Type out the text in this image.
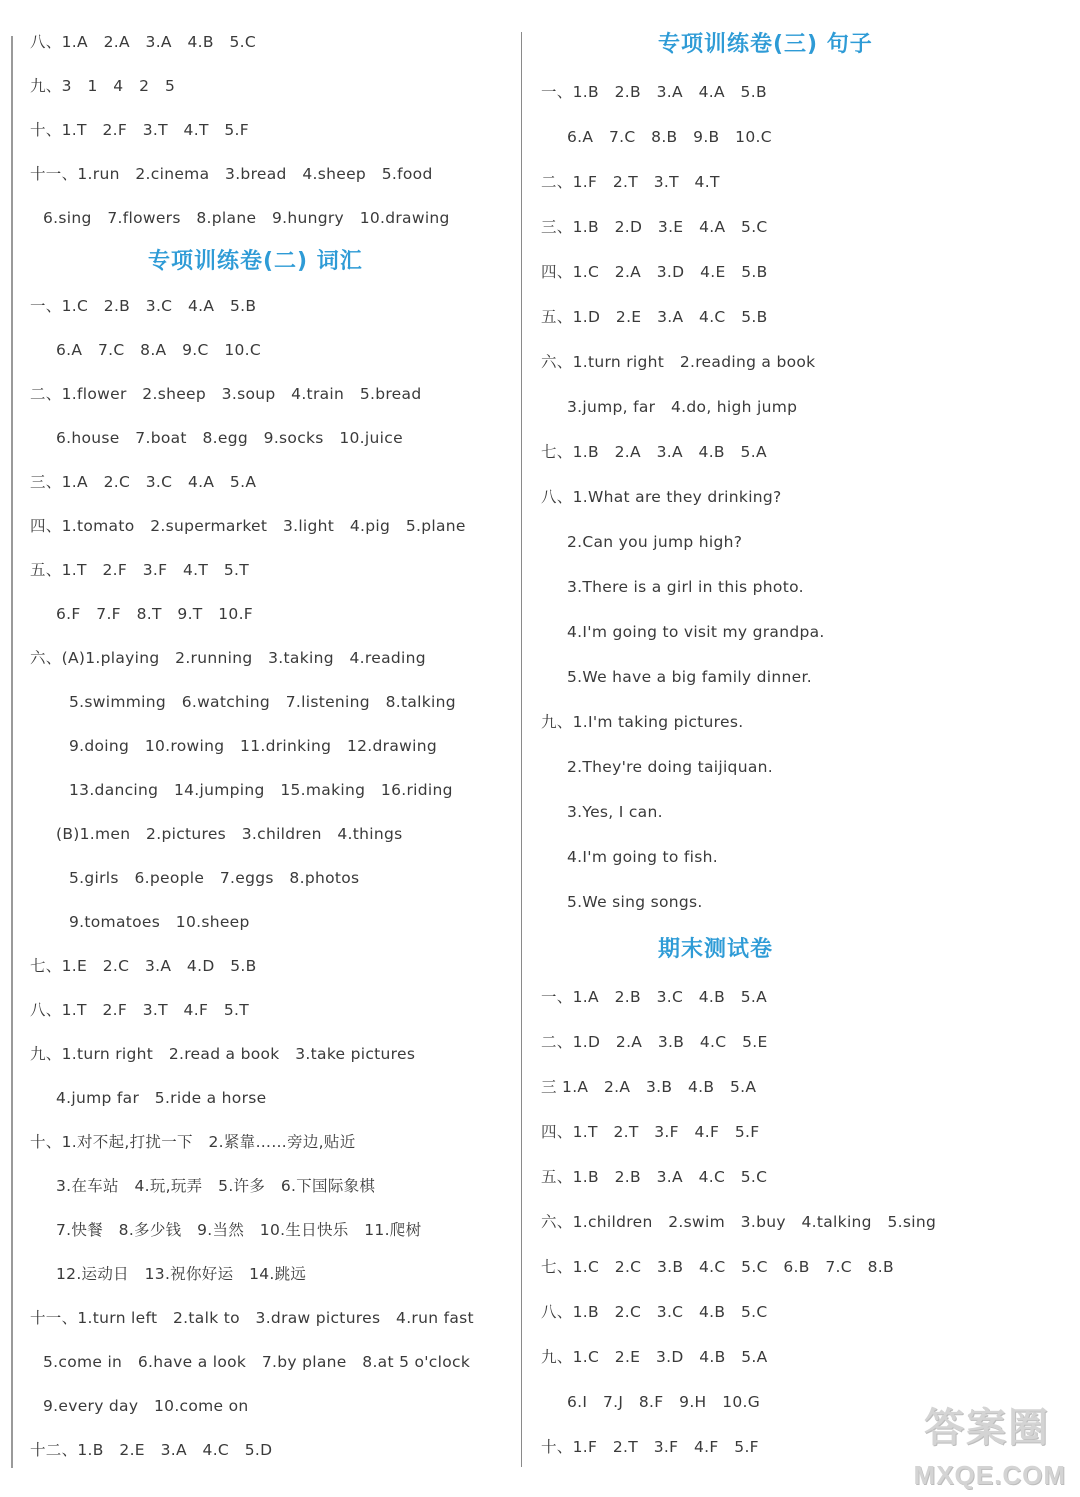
八、1.A   2.A   3.A   4.B   5.C
九、3   1   4   2   5
十、1.T   2.F   3.T   4.T   5.F
十一、1.run   2.cinema   3.bread   4.sheep   5.food
6.sing   7.flowers   8.plane   9.hungry   10.drawing
专项训练卷(二) 词汇
一、1.C   2.B   3.C   4.A   5.B
6.A   7.C   8.A   9.C   10.C
二、1.flower   2.sheep   3.soup   4.train   5.bread
6.house   7.boat   8.egg   9.socks   10.juice
三、1.A   2.C   3.C   4.A   5.A
四、1.tomato   2.supermarket   3.light   4.pig   5.plane
五、1.T   2.F   3.F   4.T   5.T
6.F   7.F   8.T   9.T   10.F
六、(A)1.playing   2.running   3.taking   4.reading
5.swimming   6.watching   7.listening   8.talking
9.doing   10.rowing   11.drinking   12.drawing
13.dancing   14.jumping   15.making   16.riding
(B)1.men   2.pictures   3.children   4.things
5.girls   6.people   7.eggs   8.photos
9.tomatoes   10.sheep
七、1.E   2.C   3.A   4.D   5.B
八、1.T   2.F   3.T   4.F   5.T
九、1.turn right   2.read a book   3.take pictures
4.jump far   5.ride a horse
十、1.对不起,打扰一下   2.紧靠……旁边,贴近
3.在车站   4.玩,玩弄   5.许多   6.下国际象棋
7.快餐   8.多少钱   9.当然   10.生日快乐   11.爬树
12.运动日   13.祝你好运   14.跳远
十一、1.turn left   2.talk to   3.draw pictures   4.run fast
5.come in   6.have a look   7.by plane   8.at 5 o'clock
9.every day   10.come on
十二、1.B   2.E   3.A   4.C   5.D
专项训练卷(三) 句子
一、1.B   2.B   3.A   4.A   5.B
6.A   7.C   8.B   9.B   10.C
二、1.F   2.T   3.T   4.T
三、1.B   2.D   3.E   4.A   5.C
四、1.C   2.A   3.D   4.E   5.B
五、1.D   2.E   3.A   4.C   5.B
六、1.turn right   2.reading a book
3.jump, far   4.do, high jump
七、1.B   2.A   3.A   4.B   5.A
八、1.What are they drinking?
2.Can you jump high?
3.There is a girl in this photo.
4.I'm going to visit my grandpa.
5.We have a big family dinner.
九、1.I'm taking pictures.
2.They're doing taijiquan.
3.Yes, I can.
4.I'm going to fish.
5.We sing songs.
期末测试卷
一、1.A   2.B   3.C   4.B   5.A
二、1.D   2.A   3.B   4.C   5.E
三 1.A   2.A   3.B   4.B   5.A
四、1.T   2.T   3.F   4.F   5.F
五、1.B   2.B   3.A   4.C   5.C
六、1.children   2.swim   3.buy   4.talking   5.sing
七、1.C   2.C   3.B   4.C   5.C   6.B   7.C   8.B
八、1.B   2.C   3.C   4.B   5.C
九、1.C   2.E   3.D   4.B   5.A
6.I   7.J   8.F   9.H   10.G
十、1.F   2.T   3.F   4.F   5.F	答案圈
MXQE.COM
